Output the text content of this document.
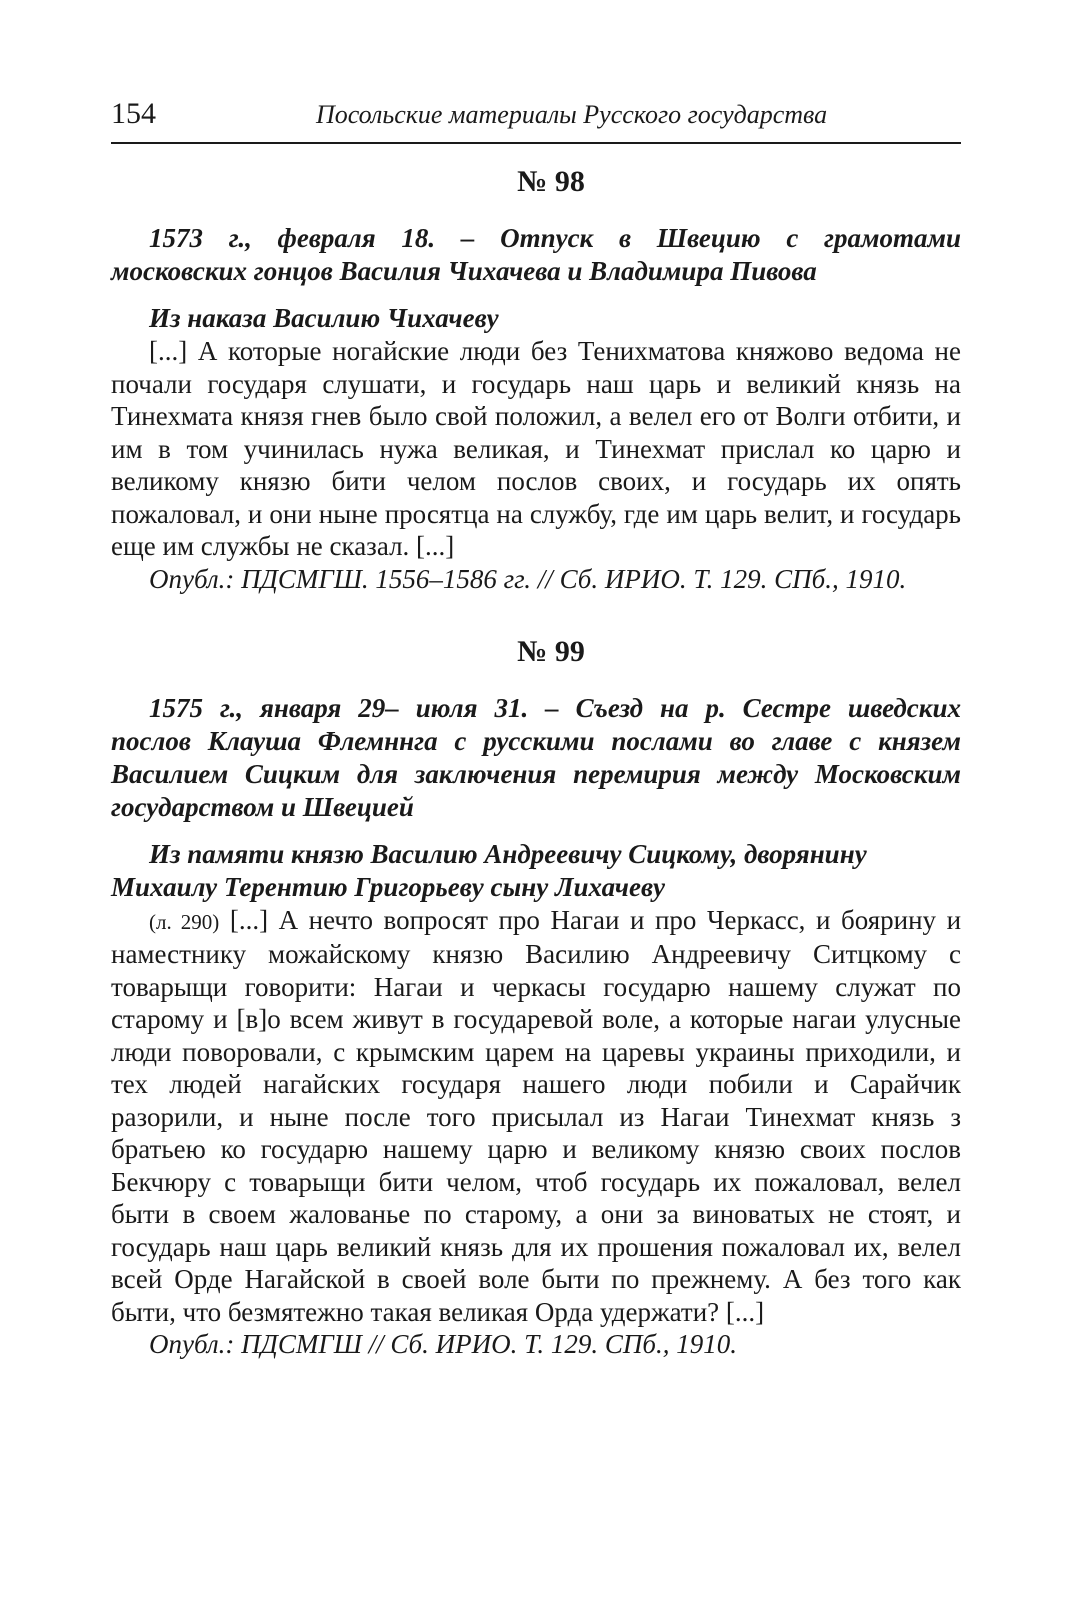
154	Посольские материалы Русского государства
№ 98
1573 г., февраля 18. – Отпуск в Швецию с грамотами
московских гонцов Василия Чихачева и Владимира Пивова
Из наказа Василию Чихачеву

[...] А которые ногайские люди без Тенихматова княжово ведома не почали государя слушати, и государь наш царь и великий князь на Тинехмата князя гнев было свой положил, а велел его от Волги отбити, и им в том учинилась нужа великая, и Тинехмат прислал ко царю и великому князю бити челом послов своих, и государь их опять пожаловал, и они ныне просятца на службу, где им царь велит, и государь еще им службы не сказал. [...]

Опубл.: ПДСМГШ. 1556–1586 гг. // Сб. ИРИО. Т. 129. СПб., 1910.

№ 99
1575 г., января 29– июля 31. – Съезд на р. Сестре шведских
послов Клауша Флемннга с русскими послами во главе с князем Василием Сицким для заключения перемирия между Московским государством и Швецией
Из памяти князю Василию Андреевичу Сицкому, дворянину Михаилу Терентию Григорьеву сыну Лихачеву

(л. 290) [...] А нечто вопросят про Нагаи и про Черкасс, и боярину и наместнику можайскому князю Василию Андреевичу Ситцкому с товарыщи говорити: Нагаи и черкасы государю нашему служат по старому и [в]о всем живут в государевой воле, а которые нагаи улусные люди поворовали, с крымским царем на царевы украины приходили, и тех людей нагайских государя нашего люди побили и Сарайчик разорили, и ныне после того присылал из Нагаи Тинехмат князь з братьею ко государю нашему царю и великому князю своих послов Бекчюру с товарыщи бити челом, чтоб государь их пожаловал, велел быти в своем жалованье по старому, а они за виноватых не стоят, и государь наш царь великий князь для их прошения пожаловал их, велел всей Орде Нагайской в своей воле быти по прежнему. А без того как быти, что безмятежно такая великая Орда удержати? [...]

Опубл.: ПДСМГШ // Сб. ИРИО. Т. 129. СПб., 1910.
